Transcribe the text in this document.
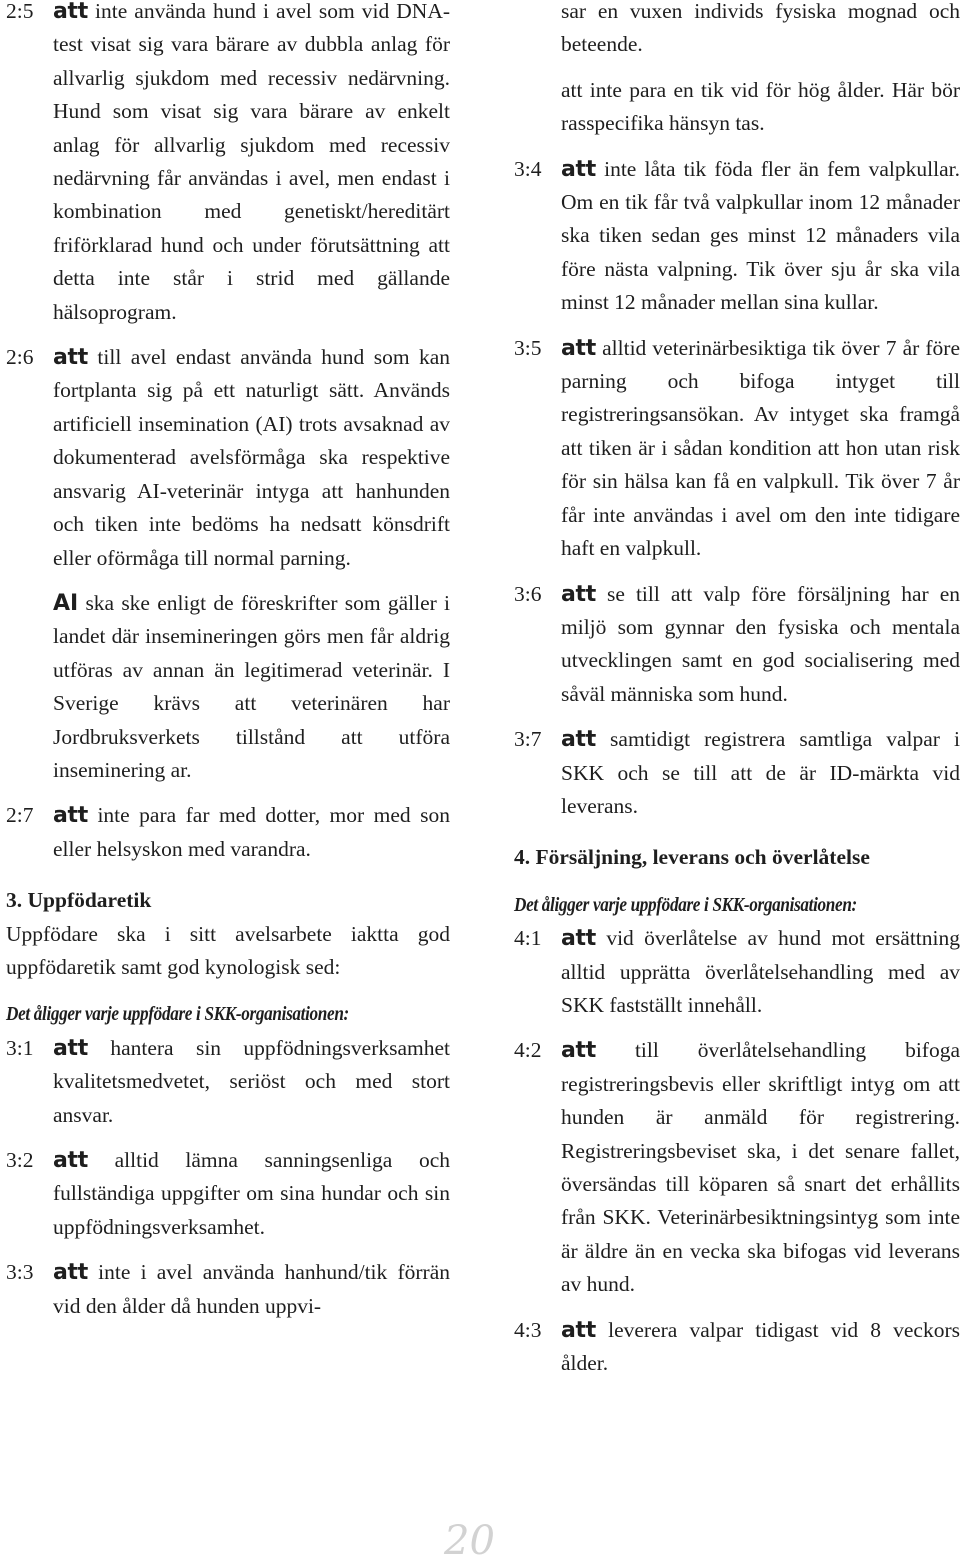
2:5 att inte använda hund i avel som vid DNA-test visat sig vara bärare av dubbla anlag för allvarlig sjukdom med recessiv nedärvning. Hund som visat sig vara bärare av enkelt anlag för allvarlig sjukdom med recessiv nedärvning får användas i avel, men endast i kombination med genetiskt/hereditärt friförklarad hund och under förutsättning att detta inte står i strid med gällande hälsoprogram.
2:6 att till avel endast använda hund som kan fortplanta sig på ett naturligt sätt. Används artificiell insemination (AI) trots avsaknad av dokumenterad avelsförmåga ska respektive ansvarig AI-veterinär intyga att hanhunden och tiken inte bedöms ha nedsatt könsdrift eller oförmåga till normal parning.
AI ska ske enligt de föreskrifter som gäller i landet där insemineringen görs men får aldrig utföras av annan än legitimerad veterinär. I Sverige krävs att veterinären har Jordbruksverkets tillstånd att utföra inseminering ar.
2:7 att inte para far med dotter, mor med son eller helsyskon med varandra.
3. Uppfödaretik
Uppfödare ska i sitt avelsarbete iaktta god uppfödaretik samt god kynologisk sed:
Det åligger varje uppfödare i SKK-organisationen:
3:1 att hantera sin uppfödningsverksamhet kvalitetsmedvetet, seriöst och med stort ansvar.
3:2 att alltid lämna sanningsenliga och fullständiga uppgifter om sina hundar och sin uppfödningsverksamhet.
3:3 att inte i avel använda hanhund/tik förrän vid den ålder då hunden uppvi-
sar en vuxen individs fysiska mognad och beteende.
att inte para en tik vid för hög ålder. Här bör rasspecifika hänsyn tas.
3:4 att inte låta tik föda fler än fem valpkullar. Om en tik får två valpkullar inom 12 månader ska tiken sedan ges minst 12 månaders vila före nästa valpning. Tik över sju år ska vila minst 12 månader mellan sina kullar.
3:5 att alltid veterinärbesiktiga tik över 7 år före parning och bifoga intyget till registreringsansökan. Av intyget ska framgå att tiken är i sådan kondition att hon utan risk för sin hälsa kan få en valpkull. Tik över 7 år får inte användas i avel om den inte tidigare haft en valpkull.
3:6 att se till att valp före försäljning har en miljö som gynnar den fysiska och mentala utvecklingen samt en god socialisering med såväl människa som hund.
3:7 att samtidigt registrera samtliga valpar i SKK och se till att de är ID-märkta vid leverans.
4. Försäljning, leverans och överlåtelse
Det åligger varje uppfödare i SKK-organisationen:
4:1 att vid överlåtelse av hund mot ersättning alltid upprätta överlåtelsehandling med av SKK fastställt innehåll.
4:2 att till överlåtelsehandling bifoga registreringsbevis eller skriftligt intyg om att hunden är anmäld för registrering. Registreringsbeviset ska, i det senare fallet, översändas till köparen så snart det erhållits från SKK. Veterinärbesiktningsintyg som inte är äldre än en vecka ska bifogas vid leverans av hund.
4:3 att leverera valpar tidigast vid 8 veckors ålder.
20
